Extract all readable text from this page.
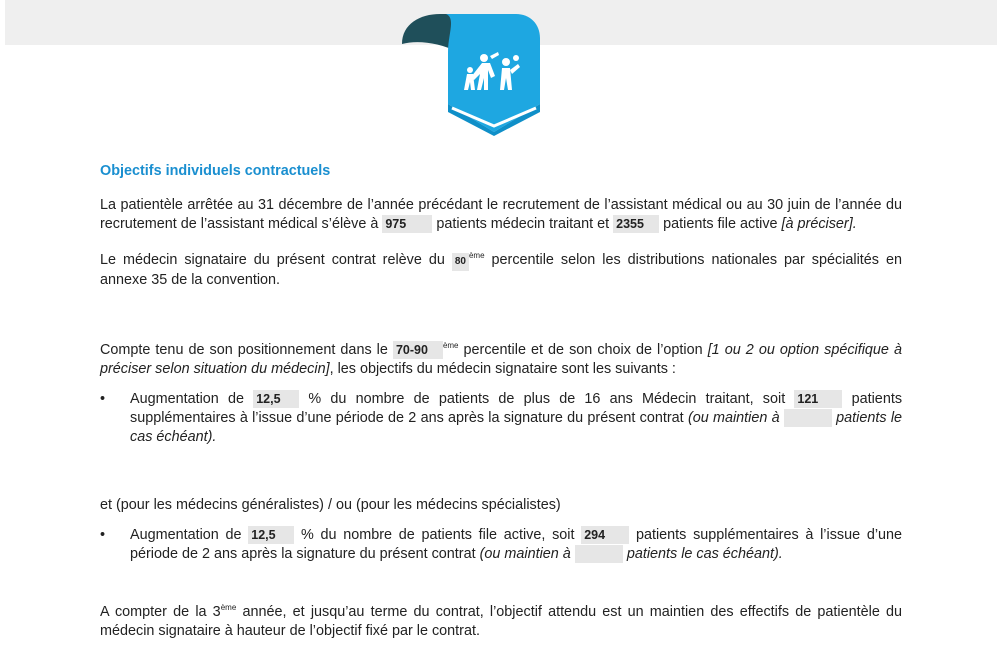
Objectifs individuels contractuels

La patientèle arrêtée au 31 décembre de l’année précédant le recrutement de l’assistant médical ou au 30 juin de l’année du recrutement de l’assistant médical s’élève à 975 patients médecin traitant et 2355 patients file active [à préciser].

Le médecin signataire du présent contrat relève du 80ème percentile selon les distributions nationales par spécialités en annexe 35 de la convention.

Compte tenu de son positionnement dans le 70-90 $^{ème}$ percentile et de son choix de l’option [1 ou 2 ou option spécifique à préciser selon situation du médecin], les objectifs du médecin signataire sont les suivants :

• Augmentation de 12,5 % du nombre de patients de plus de 16 ans Médecin traitant, soit 121 patients supplémentaires à l’issue d’une période de 2 ans après la signature du présent contrat (ou maintien à	patients le cas échéant).

et (pour les médecins généralistes) / ou (pour les médecins spécialistes)

• Augmentation de 12,5 % du nombre de patients file active, soit 294 patients supplémentaires à l’issue d’une période de 2 ans après la signature du présent contrat (ou maintien à	patients le cas échéant).

A compter de la 3ème année, et jusqu’au terme du contrat, l’objectif attendu est un maintien des effectifs de patientèle du médecin signataire à hauteur de l’objectif fixé par le contrat.
